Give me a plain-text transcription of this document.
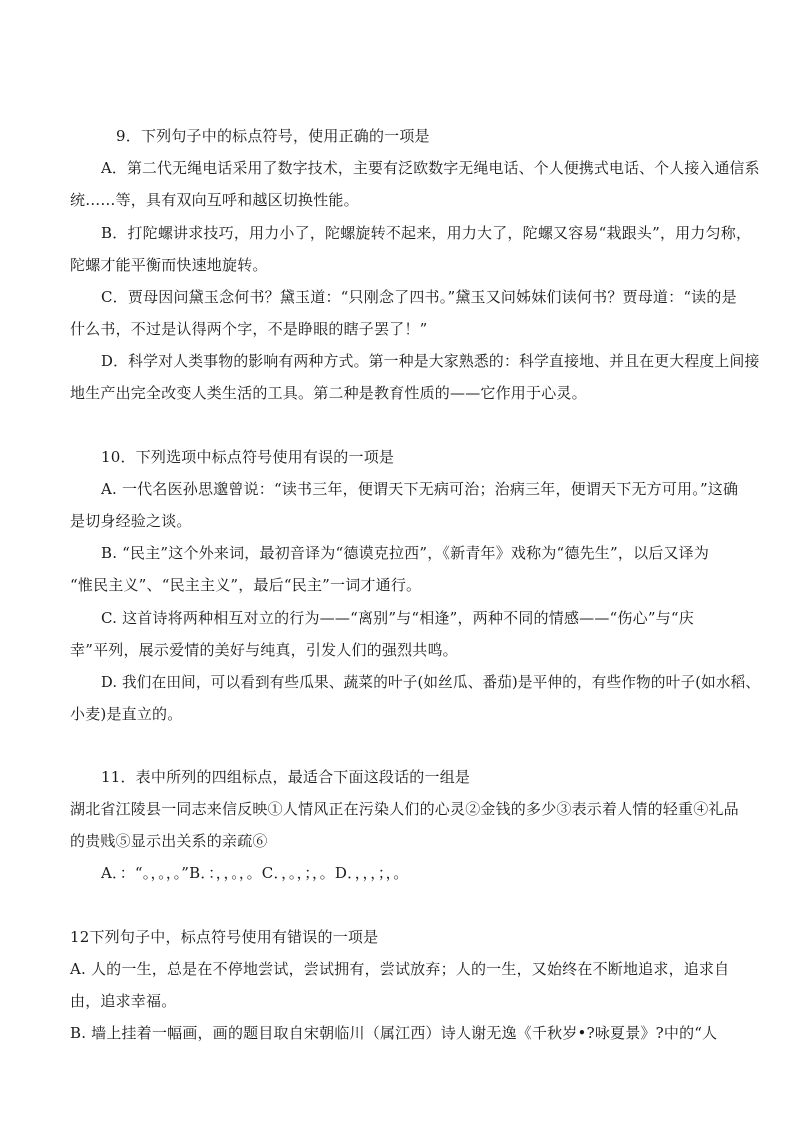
9．下列句子中的标点符号，使用正确的一项是
A．第二代无绳电话采用了数字技术，主要有泛欧数字无绳电话、个人便携式电话、个人接入通信系
统……等，具有双向互呼和越区切换性能。
B．打陀螺讲求技巧，用力小了，陀螺旋转不起来，用力大了，陀螺又容易“栽跟头”，用力匀称，
陀螺才能平衡而快速地旋转。
C．贾母因问黛玉念何书？黛玉道：“只刚念了四书。”黛玉又问姊妹们读何书？贾母道：“读的是
什么书，不过是认得两个字，不是睁眼的瞎子罢了！”
D．科学对人类事物的影响有两种方式。第一种是大家熟悉的：科学直接地、并且在更大程度上间接
地生产出完全改变人类生活的工具。第二种是教育性质的——它作用于心灵。
10．下列选项中标点符号使用有误的一项是
A. 一代名医孙思邈曾说：“读书三年，便谓天下无病可治；治病三年，便谓天下无方可用。”这确
是切身经验之谈。
B. “民主”这个外来词，最初音译为“德谟克拉西”，《新青年》戏称为“德先生”，以后又译为
“惟民主义”、“民主主义”，最后“民主”一词才通行。
C. 这首诗将两种相互对立的行为——“离别”与“相逢”，两种不同的情感——“伤心”与“庆
幸”平列，展示爱情的美好与纯真，引发人们的强烈共鸣。
D. 我们在田间，可以看到有些瓜果、蔬菜的叶子(如丝瓜、番茄)是平伸的，有些作物的叶子(如水稻、
小麦)是直立的。
11．表中所列的四组标点，最适合下面这段话的一组是
湖北省江陵县一同志来信反映①人情风正在污染人们的心灵②金钱的多少③表示着人情的轻重④礼品
的贵贱⑤显示出关系的亲疏⑥
A．：“。，。，。”B．：，，。，。C．，。，；，。D．，，，；，。
12下列句子中，标点符号使用有错误的一项是
A. 人的一生，总是在不停地尝试，尝试拥有，尝试放弃；人的一生，又始终在不断地追求，追求自
由，追求幸福。
B. 墙上挂着一幅画，画的题目取自宋朝临川（属江西）诗人谢无逸《千秋岁•?咏夏景》?中的“人
